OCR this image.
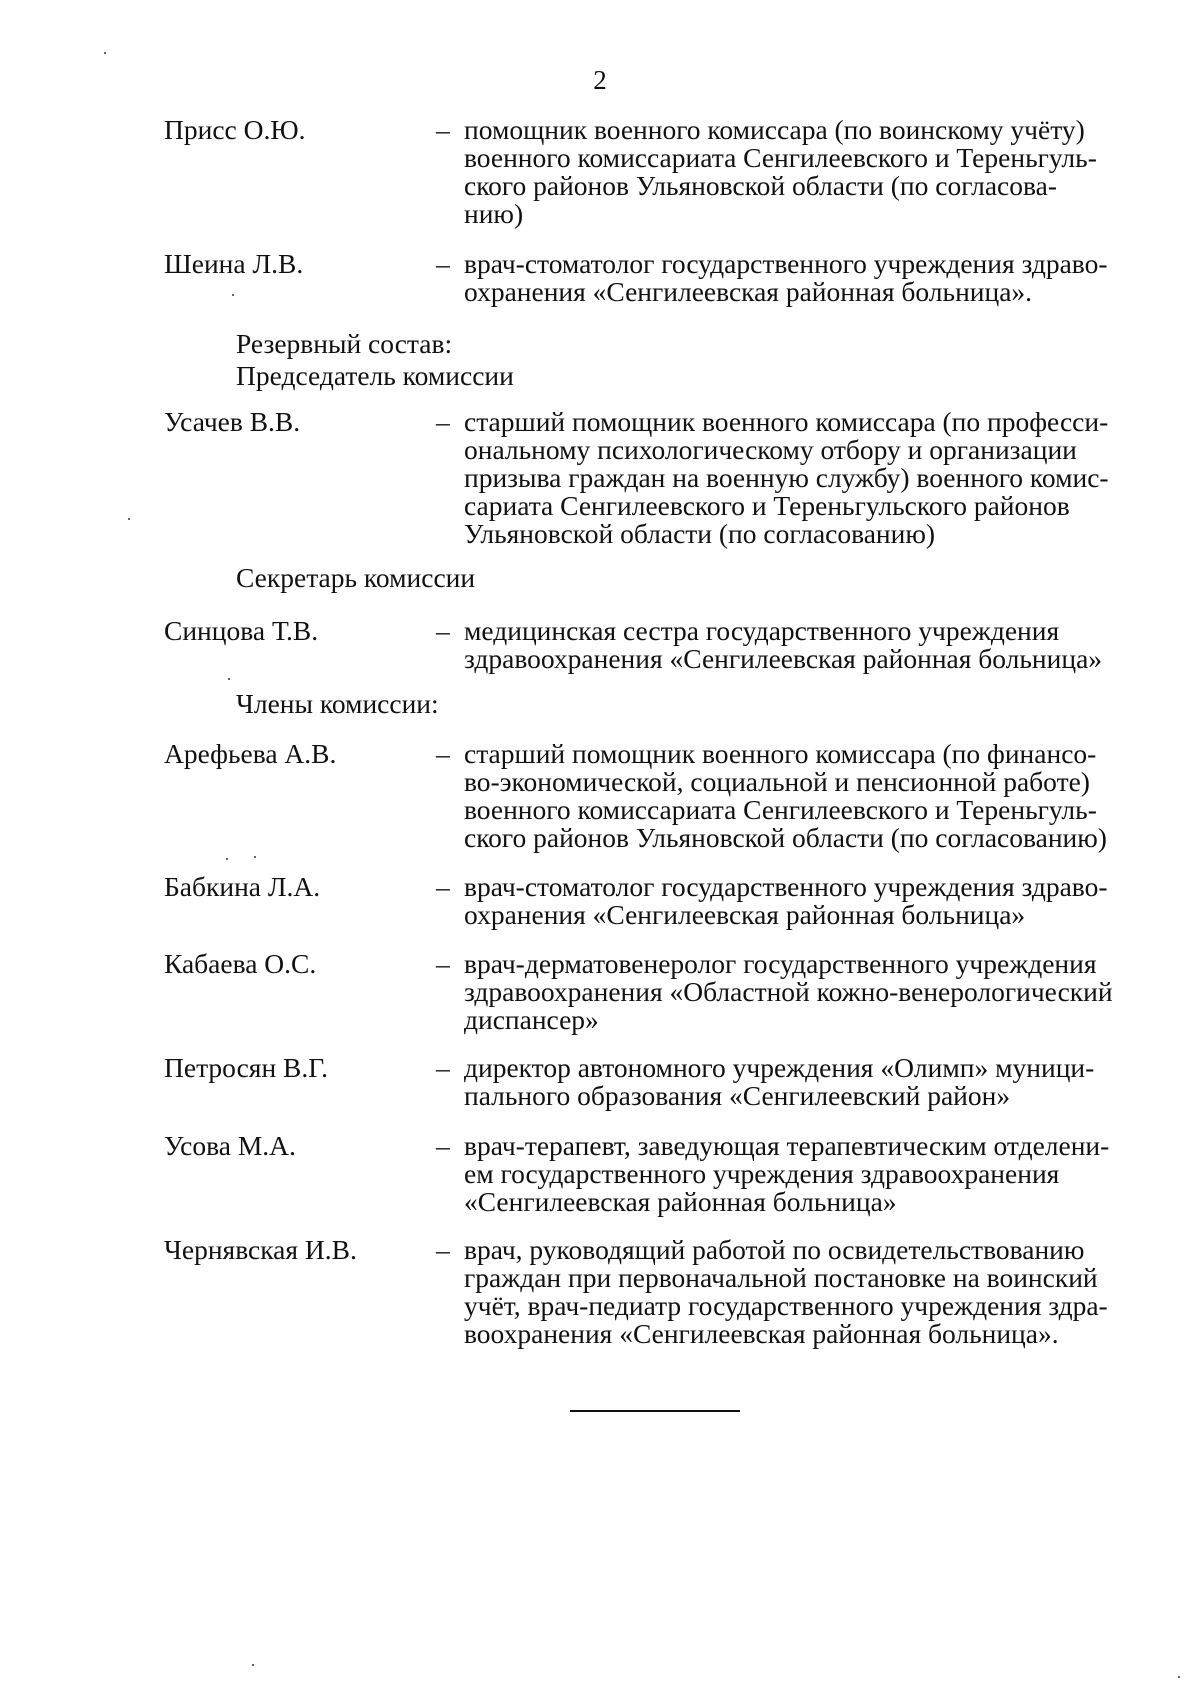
2
Присс О.Ю.	– помощник военного комиссара (по воинскому учёту)
военного комиссариата Сенгилеевского и Тереньгуль-
ского районов Ульяновской области (по согласова-
нию)
Шеина Л.В.	– врач-стоматолог государственного учреждения здраво-
охранения «Сенгилеевская районная больница».
Резервный состав:
Председатель комиссии
Усачев В.В.	– старший помощник военного комиссара (по професси-
ональному психологическому отбору и организации
призыва граждан на военную службу) военного комис-
сариата Сенгилеевского и Тереньгульского районов
Ульяновской области (по согласованию)
Секретарь комиссии
Синцова Т.В.	– медицинская сестра государственного учреждения
здравоохранения «Сенгилеевская районная больница»
Члены комиссии:
Арефьева А.В.	– старший помощник военного комиссара (по финансо-
во-экономической, социальной и пенсионной работе)
военного комиссариата Сенгилеевского и Тереньгуль-
ского районов Ульяновской области (по согласованию)
Бабкина Л.А.	– врач-стоматолог государственного учреждения здраво-
охранения «Сенгилеевская районная больница»
Кабаева О.С.	– врач-дерматовенеролог государственного учреждения
здравоохранения «Областной кожно-венерологический
диспансер»
Петросян В.Г.	– директор автономного учреждения «Олимп» муници-
пального образования «Сенгилеевский район»
Усова М.А.	– врач-терапевт, заведующая терапевтическим отделени-
ем государственного учреждения здравоохранения
«Сенгилеевская районная больница»
Чернявская И.В.	– врач, руководящий работой по освидетельствованию
граждан при первоначальной постановке на воинский
учёт, врач-педиатр государственного учреждения здра-
воохранения «Сенгилеевская районная больница».
